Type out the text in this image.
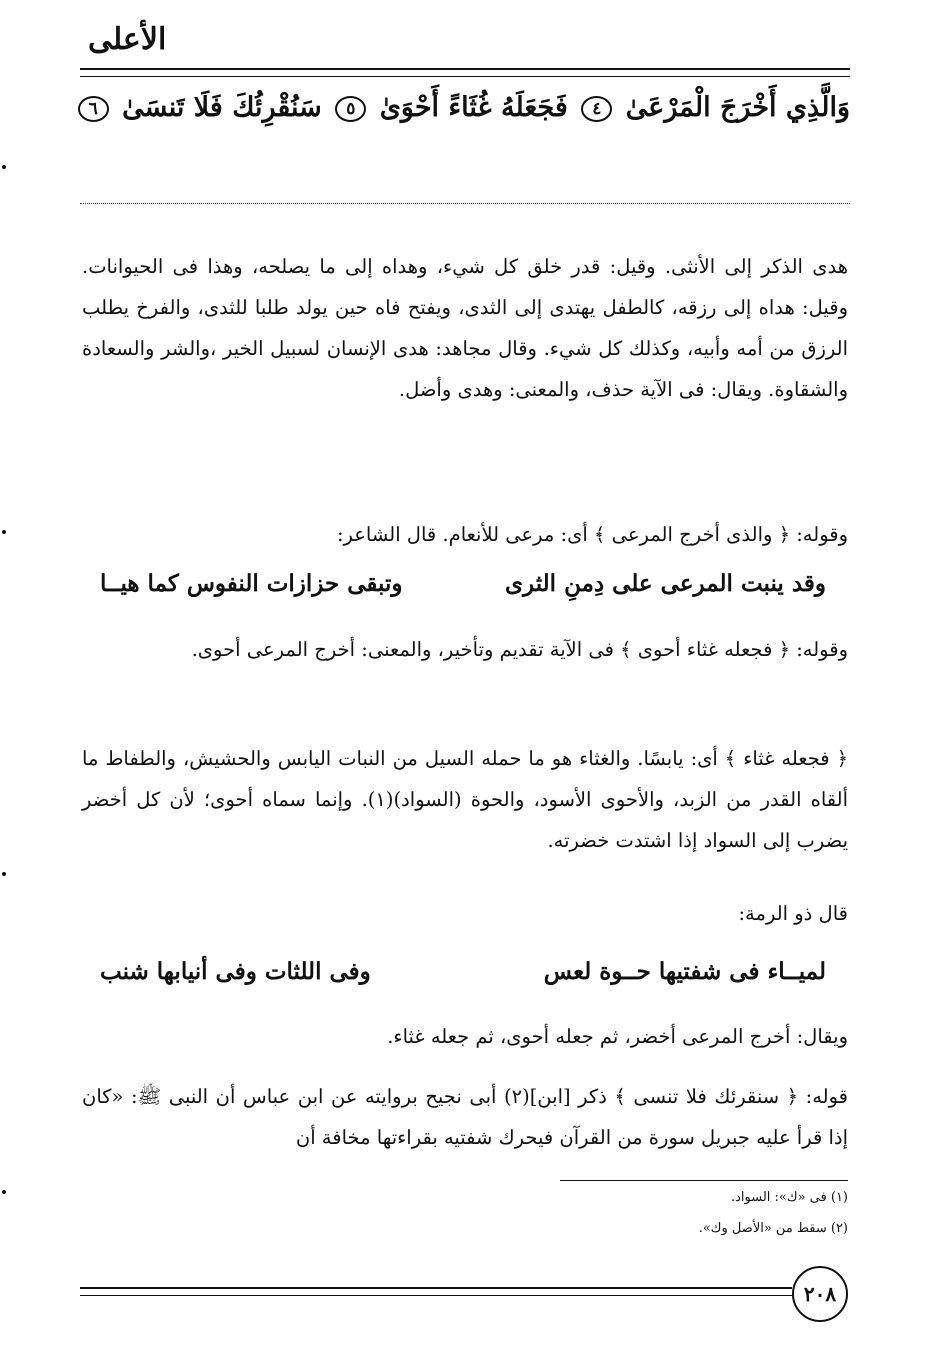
الأعلى
وَالَّذِي أَخْرَجَ الْمَرْعَىٰ ٤ فَجَعَلَهُ غُثَاءً أَحْوَىٰ ٥ سَنُقْرِئُكَ فَلَا تَنسَىٰ ٦
هدى الذكر إلى الأنثى. وقيل: قدر خلق كل شيء، وهداه إلى ما يصلحه، وهذا فى الحيوانات. وقيل: هداه إلى رزقه، كالطفل يهتدى إلى الثدى، ويفتح فاه حين يولد طلبا للثدى، والفرخ يطلب الرزق من أمه وأبيه، وكذلك كل شيء. وقال مجاهد: هدى الإنسان لسبيل الخير ،والشر والسعادة والشقاوة. ويقال: فى الآية حذف، والمعنى: وهدى وأضل.
وقوله: ﴿ والذى أخرج المرعى ﴾ أى: مرعى للأنعام. قال الشاعر:
وقد ينبت المرعى على دِمنِ الثرى
وتبقى حزازات النفوس كما هيــا
وقوله: ﴿ فجعله غثاء أحوى ﴾ فى الآية تقديم وتأخير، والمعنى: أخرج المرعى أحوى.
﴿ فجعله غثاء ﴾ أى: يابسًا. والغثاء هو ما حمله السيل من النبات اليابس والحشيش، والطفاط ما ألقاه القدر من الزبد، والأحوى الأسود، والحوة (السواد)(١). وإنما سماه أحوى؛ لأن كل أخضر يضرب إلى السواد إذا اشتدت خضرته.
قال ذو الرمة:
لميــاء فى شفتيها حــوة لعس
وفى اللثات وفى أنيابها شنب
ويقال: أخرج المرعى أخضر، ثم جعله أحوى، ثم جعله غثاء.
قوله: ﴿ سنقرئك فلا تنسى ﴾ ذكر [ابن](٢) أبى نجيح بروايته عن ابن عباس أن النبى ﷺ: «كان إذا قرأ عليه جبريل سورة من القرآن فيحرك شفتيه بقراءتها مخافة أن
(١) فى «ك»: السواد.
(٢) سقط من «الأصل وك».
٢٠٨
